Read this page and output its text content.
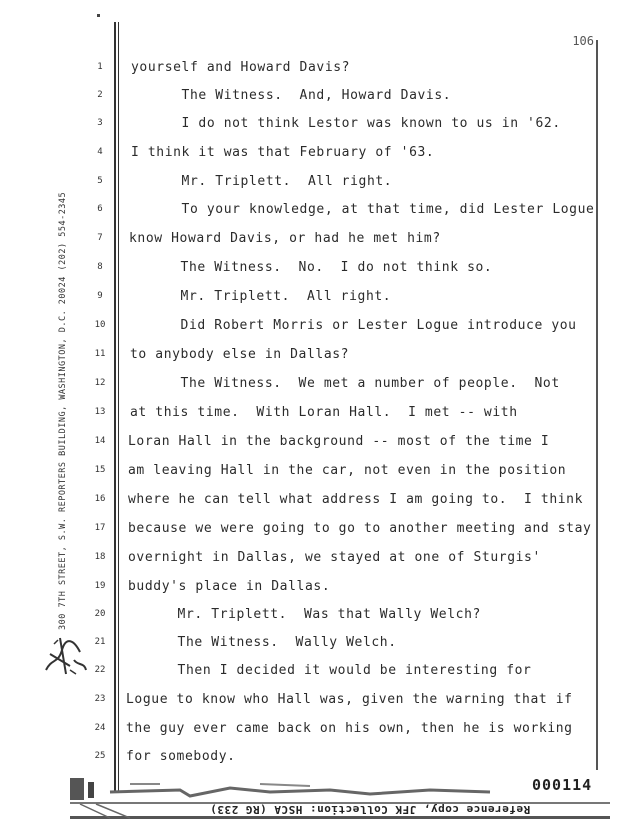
106
300 7TH STREET, S.W. REPORTERS BUILDING, WASHINGTON, D.C. 20024 (202) 554-2345
1	yourself and Howard Davis?
2	The Witness.  And, Howard Davis.
3	I do not think Lestor was known to us in '62.
4	I think it was that February of '63.
5	Mr. Triplett.  All right.
6	To your knowledge, at that time, did Lester Logue
7	know Howard Davis, or had he met him?
8	The Witness.  No.  I do not think so.
9	Mr. Triplett.  All right.
10	Did Robert Morris or Lester Logue introduce you
11	to anybody else in Dallas?
12	The Witness.  We met a number of people.  Not
13	at this time.  With Loran Hall.  I met -- with
14	Loran Hall in the background -- most of the time I
15	am leaving Hall in the car, not even in the position
16	where he can tell what address I am going to.  I think
17	because we were going to go to another meeting and stay
18	overnight in Dallas, we stayed at one of Sturgis'
19	buddy's place in Dallas.
20	Mr. Triplett.  Was that Wally Welch?
21	The Witness.  Wally Welch.
22	Then I decided it would be interesting for
23	Logue to know who Hall was, given the warning that if
24	the guy ever came back on his own, then he is working
25	for somebody.
000114
Reference copy, JFK Collection: HSCA (RG 233)
